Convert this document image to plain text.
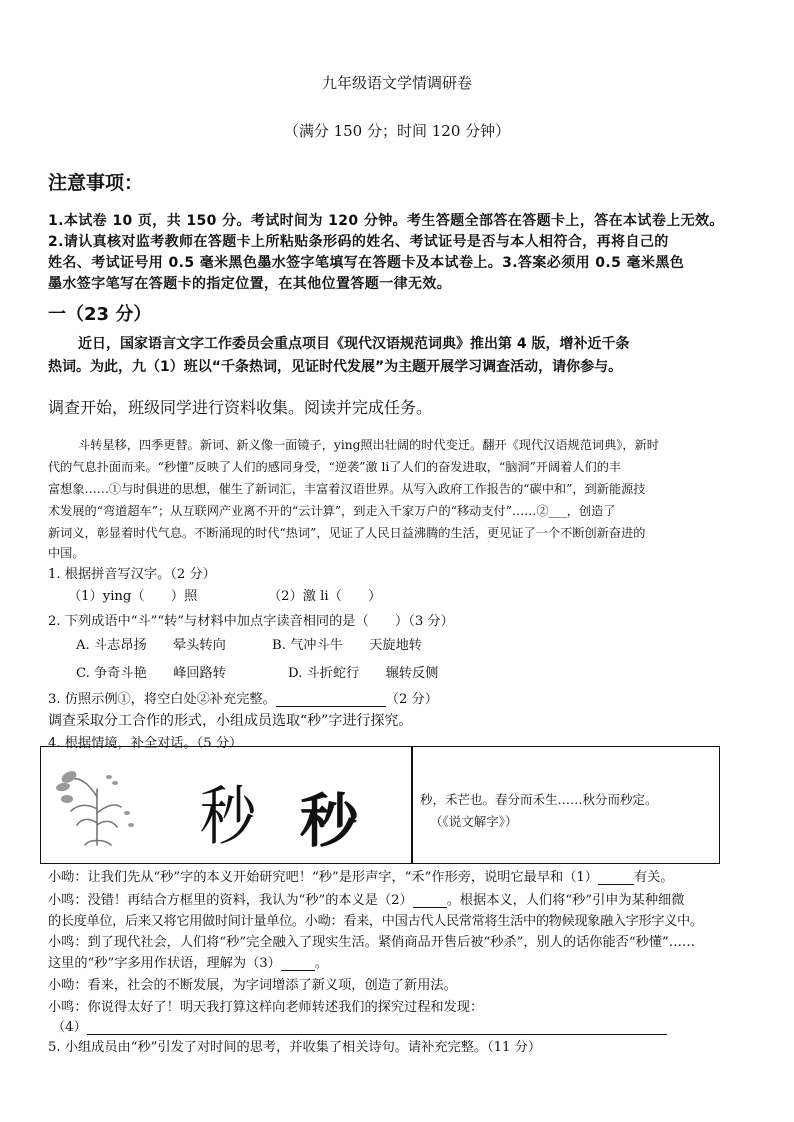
九年级语文学情调研卷
（满分 150 分；时间 120 分钟）
注意事项：
1.本试卷 10 页，共 150 分。考试时间为 120 分钟。考生答题全部答在答题卡上，答在本试卷上无效。
2.请认真核对监考教师在答题卡上所粘贴条形码的姓名、考试证号是否与本人相符合，再将自己的
姓名、考试证号用 0.5 毫米黑色墨水签字笔填写在答题卡及本试卷上。3.答案必须用 0.5 毫米黑色
墨水签字笔写在答题卡的指定位置，在其他位置答题一律无效。
一（23 分）
近日，国家语言文字工作委员会重点项目《现代汉语规范词典》推出第 4 版，增补近千条
热词。为此，九（1）班以“千条热词，见证时代发展”为主题开展学习调查活动，请你参与。
调查开始，班级同学进行资料收集。阅读并完成任务。
斗转星移，四季更替。新词、新义像一面镜子，ying照出壮阔的时代变迁。翻开《现代汉语规范词典》，新时
代的气息扑面而来。“秒懂”反映了人们的感同身受，“逆袭”激 li了人们的奋发进取，“脑洞”开阔着人们的丰
富想象……①与时俱进的思想，催生了新词汇，丰富着汉语世界。从写入政府工作报告的“碳中和”，到新能源技
术发展的“弯道超车”；从互联网产业离不开的“云计算”，到走入千家万户的“移动支付”……②___，创造了
新词义，彰显着时代气息。不断涌现的时代“热词”，见证了人民日益沸腾的生活，更见证了一个不断创新奋进的
中国。
1. 根据拼音写汉字。（2 分）
（1）ying（　　）照	（2）激 li（　　）
2. 下列成语中“斗”“转”与材料中加点字读音相同的是（　　）（3 分）
A. 斗志昂扬　　晕头转向	B. 气冲斗牛　　天旋地转
C. 争奇斗艳　　峰回路转	D. 斗折蛇行　　辗转反侧
3. 仿照示例①，将空白处②补充完整。	（2 分）
调查采取分工合作的形式，小组成员选取“秒”字进行探究。
4. 根据情境，补全对话。（5 分）
秒 秒	秒，禾芒也。春分而禾生……秋分而秒定。
（《说文解字》）
小呦：让我们先从“秒”字的本义开始研究吧！“秒”是形声字，“禾”作形旁，说明它最早和（1）	有关。
小鸣：没错！再结合方框里的资料，我认为“秒”的本义是（2）	。根据本义，人们将“秒”引申为某种细微
的长度单位，后来又将它用做时间计量单位。小呦：看来，中国古代人民常常将生活中的物候现象融入字形字义中。
小鸣：到了现代社会，人们将“秒”完全融入了现实生活。紧俏商品开售后被“秒杀”，别人的话你能否“秒懂”……
这里的“秒”字多用作状语，理解为（3）	。
小呦：看来，社会的不断发展，为字词增添了新义项，创造了新用法。
小鸣：你说得太好了！明天我打算这样向老师转述我们的探究过程和发现：
（4）
5. 小组成员由“秒”引发了对时间的思考，并收集了相关诗句。请补充完整。（11 分）
